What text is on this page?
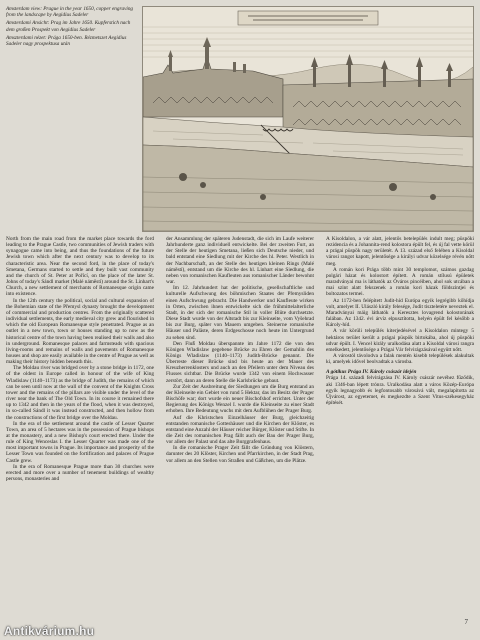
Amsterdam view: Prague in the year 1650, copper engraving from the landscape by Aegidius Sadeler

Amsterdami Ansicht: Prag im Jahre 1650. Kupferstich nach dem großen Prospekt von Aegidius Sadeler

Amszterdami nézet: Prága 1650-ben. Rézmetszet Aegidius Sadeler nagy prospektusa után

North from the main road from the market place towards the ford leading to the Prague Castle, two communities of Jewish traders with synagogue came into being, and thus the foundations of the future Jewish town which after the next century was to develop to its characteristic area. Near the second ford, in the place of today's Smetana, Germans started to settle and they built vast community and the church of St. Peter at Pořící, on the place of the later St. Johns of today's Sándl market (Malé náměstí) around the St. Linhart's Church, a new settlement of merchants of Romanesque origin came into existence.

In the 12th century the political, social and cultural expansion of the Bohemian state of the Přemysl dynasty brought the development of commercial and production centres. From the originally scattered individual settlements, the early medieval city grew and flourished in which the old European Romanesque style penetrated. Prague as an outlet in a new town, town or houses standing up to now as the historical centre of the town having been realised their walls and also in underground. Romanesque palaces and farmsteads with spacious living-rooms and remains of walls and pavements of Romanesque houses and shop are easily available in the centre of Prague as well as making their history hidden beneath this.

The Moldau river was bridged over by a stone bridge in 1172, one of the oldest in Europe called in honour of the wife of King Wladislaw (1140–1173) as the bridge of Judith, the remains of which can be seen until now at the wall of the convent of the Knights Cross tower and the remains of the pillars are visible under the level of the river near the bank of The Old Town. In its course it remained there up to 1342 and then in the years of the flood, when it was destroyed, in so-called Sándl it was instead constructed, and then hollow from the constructions of the first bridge over the Moldau.

In the era of the settlement around the castle of Lesser Quarter Town, an area of 5 hectares was in the possession of Prague bishops at the monastery, and a new Bishop's court erected there. Under the rule of King Wenceslas I. the Lesser Quarter was made one of the most important towns in Prague. Its importance and prosperity of the Lesser Town was founded on the fortification and palaces of Prague Castle grew.

In the era of Romanesque Prague more than 30 churches were erected and more over a number of tenement buildings of wealthy persons, monasteries and

der Ansammlung der späteren Judenstadt, die sich im Laufe weiterer Jahrhunderte ganz individuell entwickelte. Bei der zweiten Furt, an der Stelle der heutigen Smetana, ließen sich Deutsche nieder, und bald entstand eine Siedlung mit der Kirche des hl. Peter. Westlich in der Nachbarschaft, an der Stelle des heutigen kleinen Rings (Malé náměstí), entstand um die Kirche des hl. Linhart eine Siedlung, die neben von romanischen Kaufleuten aus romanischer Länder bewohnt war.

Im 12. Jahrhundert hat der politische, gesellschaftliche und kulturelle Aufschwung des böhmischen Staates der Přemysliden einen Aufschwung gebracht. Die Handwerker und Kaufleute wirken in Orten, zwischen ihnen entwickelte sich die frühmittelalterliche Stadt, in der sich der romanische Stil in voller Blüte durchsetzte. Diese Stadt wurde von der Altstadt bis zur Kleinseite, vom Vyšehrad bis zur Burg, später von Mauern umgeben. Steinerne romanische Häuser und Paläste, deren Erdgeschosse noch heute im Untergrund zu sehen sind.

Den Fluß Moldau überspannte im Jahre 1172 die von den Königen Wladislaw gegebene Brücke zu Ehren der Gemahlin des Königs Wladislaw (1140–1173) Judith-Brücke genannt. Die Überreste dieser Brücke sind bis heute an der Mauer des Kreuzherrenklosters und auch an den Pfeilern unter dem Niveau des Flusses sichtbar. Die Brücke wurde 1342 von einem Hochwasser zerstört, dann an deren Stelle die Karlsbrücke gebaut.

Zur Zeit der Ausbreitung der Siedlungen um die Burg entstand an der Kleinseite ein Gebiet von rund 5 Hektar, das im Besitz der Prager Bischöfe war; dort wurde ein neuer Bischofshof errichtet. Unter der Regierung des Königs Wenzel I. wurde die Kleinseite zu einer Stadt erhoben. Ihre Bedeutung wuchs mit dem Aufblühen der Prager Burg.

Auf die Khristschen Einzelhäuser der Burg, gleichzeitig entstanden romanische Gotteshäuser und die Kirchen der Klöster, es entstand eine Anzahl der Häuser reicher Bürger, Klöster und Stifte. In die Zeit des romanischen Prag fällt auch der Bau der Prager Burg, vor allem der Palast und das alte Burggrafenhaus.

In die romanische Prager Zeit fällt die Gründung von Klöstern, darunter des 20 Klöster, Kirchen und Pfarrkirchen, in der Stadt Prag, vor allem an den Stellen von Straßen und Gäßchen, um die Plätze.

A Kisoldalon, a vár alatt, jelentős betelepülés indult meg; püspöki rezidencia és a Johannita-rend kolostora épült fel, és új fal vette körül a prágai püspök nagy területét. A 13. század első felében a Kisoldal városi rangot kapott, jelentősége a királyi udvar közelsége révén nőtt meg.

A román kori Prága több mint 30 templomot, számos gazdag polgári házat és kolostort épített. A román stílusú épületek maradványai ma is láthatók az Óváros pincéiben, ahol sok utcában a mai szint alatt fekszenek a román kori házak földszintjei és boltozatos termei.

Az 1172-ben felépített Judit-híd Európa egyik legrégibb kőhídja volt, amelyet II. Ulászló király felesége, Judit tiszteletére neveztek el. Maradványai máig láthatók a Keresztes lovagrend kolostorának falában. Az 1342. évi árvíz elpusztította, helyén épült fel később a Károly-híd.

A vár körüli település kiterjedésével a Kisoldalon mintegy 5 hektáros terület került a prágai püspök birtokába, ahol új püspöki udvar épült. I. Vencel király uralkodása alatt a Kisoldal városi rangra emelkedett, jelentősége a Prágai Vár felvirágzásával együtt nőtt.

A várostól távolodva a falak mentén kisebb települések alakultak ki, amelyek idővel beolvadtak a városba.

A gótikus Prága IV. Károly császár idején

Prága 14. századi felvirágzása IV. Károly császár nevéhez fűződik, aki 1346-ban lépett trónra. Uralkodása alatt a város Közép-Európa egyik legnagyobb és legfontosabb városává vált, megalapította az Újvárost, az egyetemet, és megkezdte a Szent Vitus-székesegyház építését.

7
Antikvárium.hu
